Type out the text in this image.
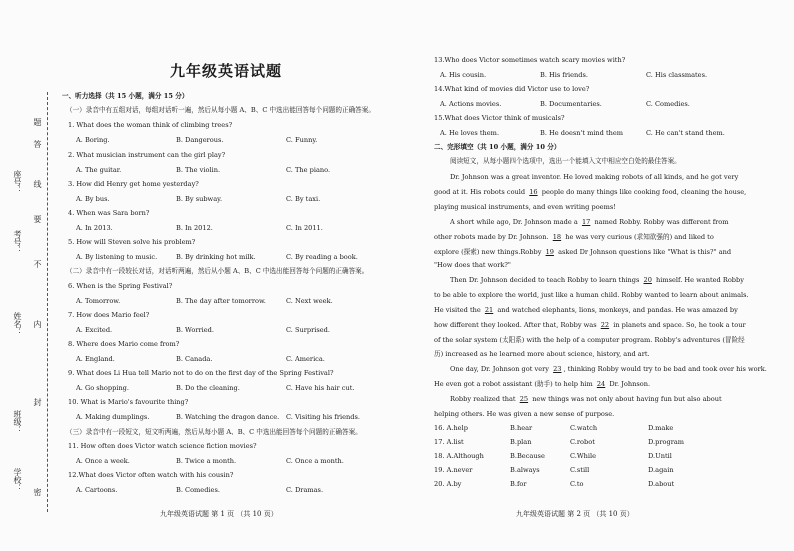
学校： 密
班级：
封
姓名： 内
不
考号：
要
线
答
座号：
题
九年级英语试题
一、听力选择（共 15 小题，满分 15 分）
（一）录音中有五组对话，每组对话听一遍，然后从每小题 A、B、C 中选出能回答每个问题的正确答案。
1. What does the woman think of climbing trees?
A. Boring.	B. Dangerous.	C. Funny.
2. What musician instrument can the girl play?
A. The guitar.	B. The violin.	C. The piano.
3. How did Henry get home yesterday?
A. By bus.	B. By subway.	C. By taxi.
4. When was Sara born?
A. In 2013.	B. In 2012.	C. In 2011.
5. How will Steven solve his problem?
A. By listening to music.	B. By drinking hot milk.	C. By reading a book.
（二）录音中有一段较长对话，对话听两遍，然后从小题 A、B、C 中选出能回答每个问题的正确答案。
6. When is the Spring Festival?
A. Tomorrow.	B. The day after tomorrow.	C. Next week.
7. How does Mario feel?
A. Excited.	B. Worried.	C. Surprised.
8. Where does Mario come from?
A. England.	B. Canada.	C. America.
9. What does Li Hua tell Mario not to do on the first day of the Spring Festival?
A. Go shopping.	B. Do the cleaning.	C. Have his hair cut.
10. What is Mario's favourite thing?
A. Making dumplings.	B. Watching the dragon dance. C. Visiting his friends.
（三）录音中有一段短文，短文听两遍，然后从每小题 A、B、C 中选出能回答每个问题的正确答案。
11. How often does Victor watch science fiction movies?
A. Once a week.	B. Twice a month.	C. Once a month.
12.What does Victor often watch with his cousin?
A. Cartoons.	B. Comedies.	C. Dramas.
九年级英语试题 第 1 页 （共 10 页）
13.Who does Victor sometimes watch scary movies with?
A. His cousin.	B. His friends.	C. His classmates.
14.What kind of movies did Victor use to love?
A. Actions movies.	B. Documentaries.	C. Comedies.
15.What does Victor think of musicals?
A. He loves them.	B. He doesn't mind them	C. He can't stand them.
二、完形填空（共 10 小题，满分 10 分）
阅读短文，从每小题四个选项中，选出一个能填入文中相应空白处的最佳答案。
Dr. Johnson was a great inventor. He loved making robots of all kinds, and he got very
good at it. His robots could 16 people do many things like cooking food, cleaning the house,
playing musical instruments, and even writing poems!
A short while ago, Dr. Johnson made a 17 named Robby. Robby was different from
other robots made by Dr. Johnson. 18 he was very curious (求知欲强的) and liked to
explore (探索) new things.Robby 19 asked Dr Johnson questions like "What is this?" and
"How does that work?"
Then Dr. Johnson decided to teach Robby to learn things 20 himself. He wanted Robby
to be able to explore the world, just like a human child. Robby wanted to learn about animals.
He visited the 21 and watched elephants, lions, monkeys, and pandas. He was amazed by
how different they looked. After that, Robby was 22 in planets and space. So, he took a tour
of the solar system (太阳系) with the help of a computer program. Robby's adventures (冒险经
历) increased as he learned more about science, history, and art.
One day, Dr. Johnson got very 23 , thinking Robby would try to be bad and took over his work.
He even got a robot assistant (助手) to help him 24 Dr. Johnson.
Robby realized that 25 new things was not only about having fun but also about
helping others. He was given a new sense of purpose.
16. A.help	B.hear	C.watch	D.make
17. A.list	B.plan	C.robot	D.program
18. A.Although	B.Because	C.While	D.Until
19. A.never	B.always	C.still	D.again
20. A.by	B.for	C.to	D.about
九年级英语试题 第 2 页 （共 10 页）
